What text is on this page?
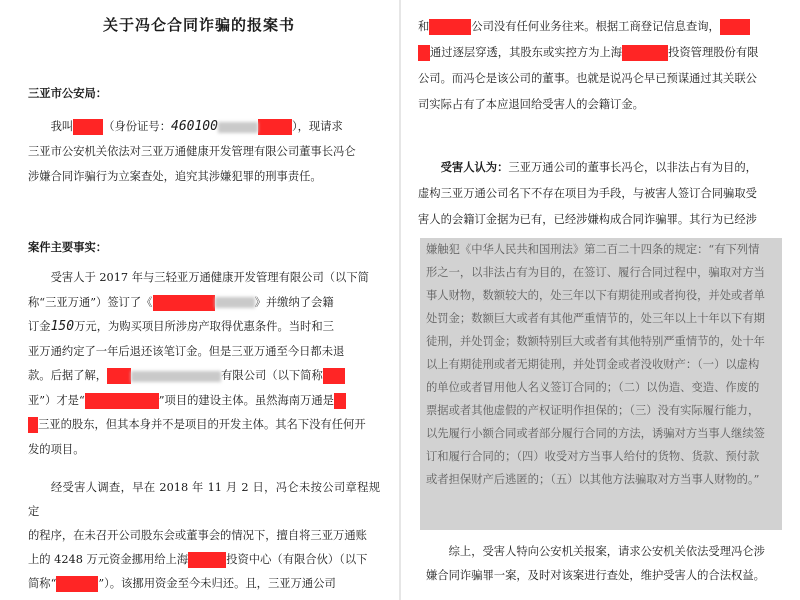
关于冯仑合同诈骗的报案书
三亚市公安局：
  我叫	（身份证号：460100	），现请求
三亚市公安机关依法对三亚万通健康开发管理有限公司董事长冯仑
涉嫌合同诈骗行为立案查处，追究其涉嫌犯罪的刑事责任。
案件主要事实：
  受害人于 2017 年与三轻亚万通健康开发管理有限公司（以下简
称“三亚万通”）签订了《	》并缴纳了会籍
订金150万元，为购买项目所涉房产取得优惠条件。当时和三
亚万通约定了一年后退还该笔订金。但是三亚万通至今日都未退
款。后据了解，	有限公司（以下简称
亚”）才是“	”项目的建设主体。虽然海南万通是
三亚的股东，但其本身并不是项目的开发主体。其名下没有任何开
发的项目。
  经受害人调查，早在 2018 年 11 月 2 日，冯仑未按公司章程规定
的程序，在未召开公司股东会或董事会的情况下，擅自将三亚万通账
上的 4248 万元资金挪用给上海	投资中心（有限合伙）（以下
简称“	”）。该挪用资金至今未归还。且，三亚万通公司
和	公司没有任何业务往来。根据工商登记信息查询，
通过逐层穿透，其股东或实控方为上海	投资管理股份有限
公司。而冯仑是该公司的董事。也就是说冯仑早已预谋通过其关联公
司实际占有了本应退回给受害人的会籍订金。
  受害人认为：三亚万通公司的董事长冯仑，以非法占有为目的，
虚构三亚万通公司名下不存在项目为手段，与被害人签订合同骗取受
害人的会籍订金据为已有，已经涉嫌构成合同诈骗罪。其行为已经涉
嫌触犯《中华人民共和国刑法》第二百二十四条的规定：“有下列情
形之一，以非法占有为目的，在签订、履行合同过程中，骗取对方当
事人财物，数额较大的，处三年以下有期徒刑或者拘役，并处或者单
处罚金；数额巨大或者有其他严重情节的，处三年以上十年以下有期
徒刑，并处罚金；数额特别巨大或者有其他特别严重情节的，处十年
以上有期徒刑或者无期徒刑，并处罚金或者没收财产：（一）以虚构
的单位或者冒用他人名义签订合同的；（二）以伪造、变造、作废的
票据或者其他虚假的产权证明作担保的；（三）没有实际履行能力，
以先履行小额合同或者部分履行合同的方法，诱骗对方当事人继续签
订和履行合同的；（四）收受对方当事人给付的货物、货款、预付款
或者担保财产后逃匿的；（五）以其他方法骗取对方当事人财物的。”
  综上，受害人特向公安机关报案，请求公安机关依法受理冯仑涉
嫌合同诈骗罪一案，及时对该案进行查处，维护受害人的合法权益。
